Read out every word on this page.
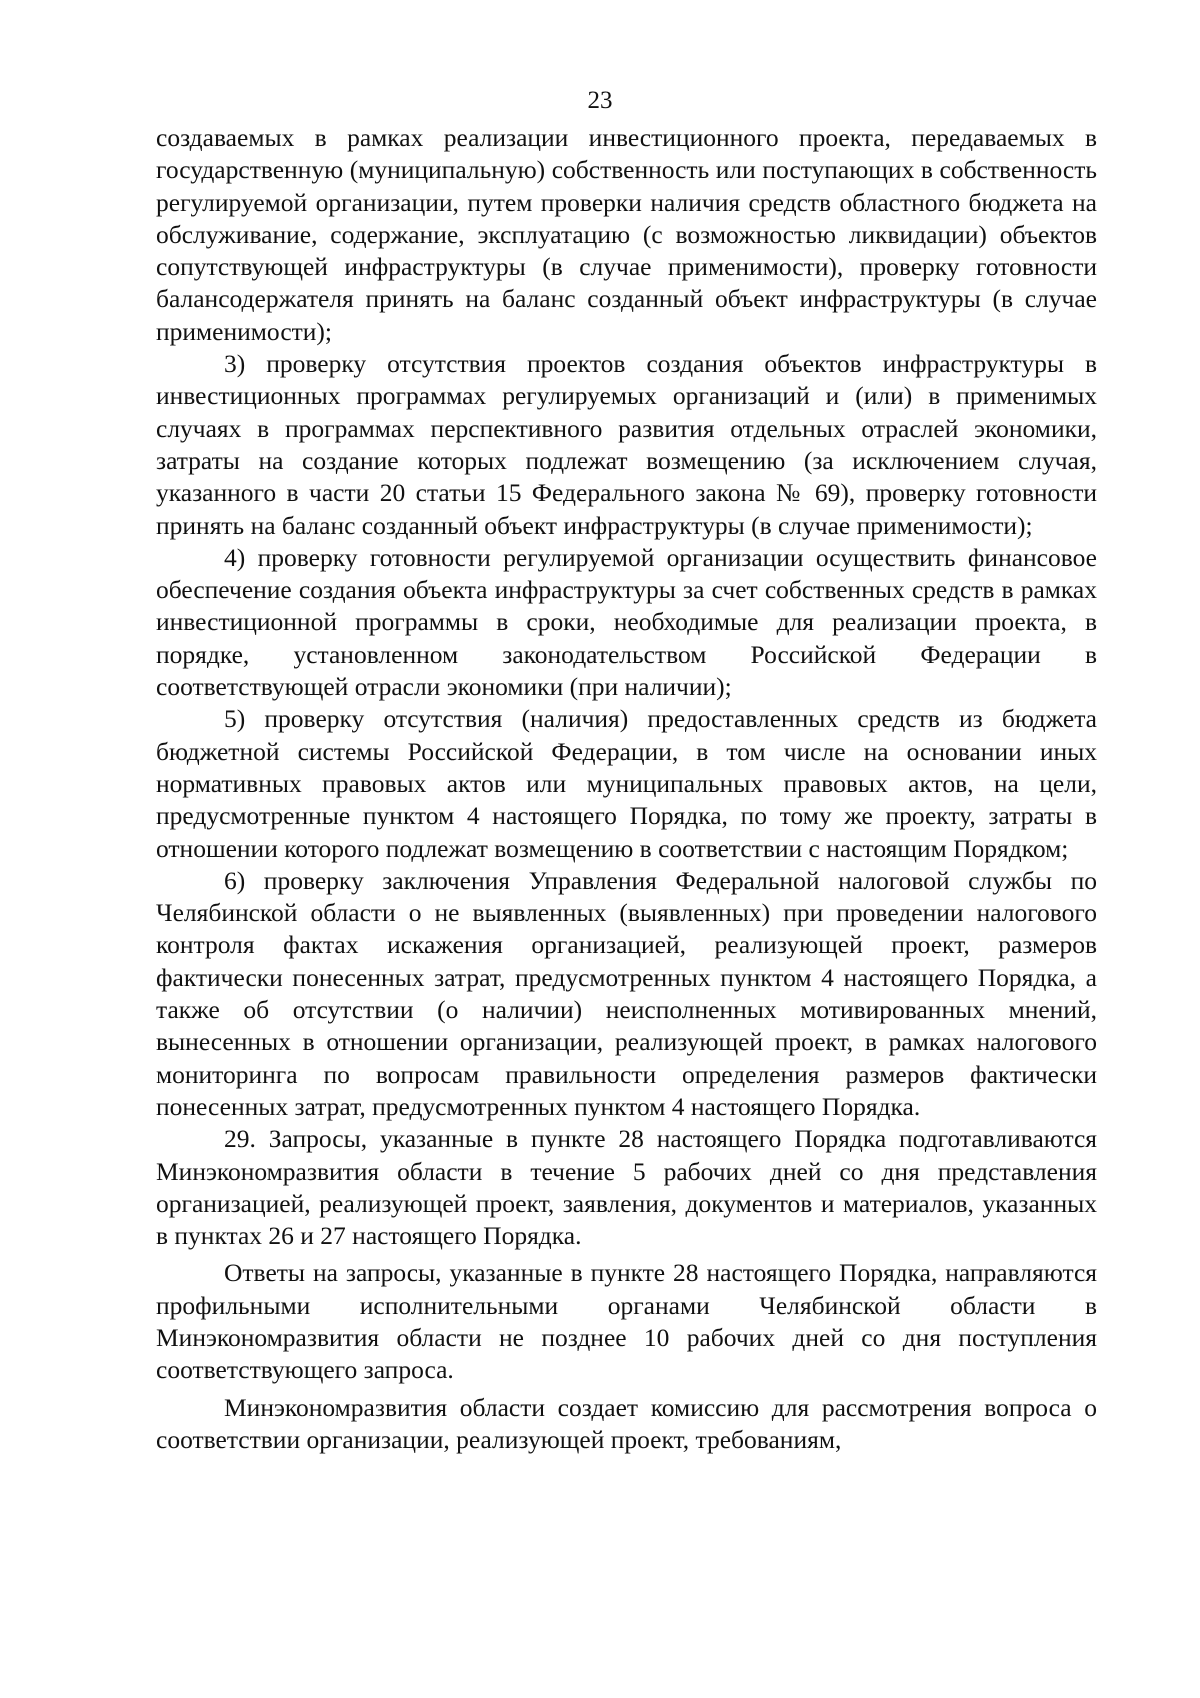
23

создаваемых в рамках реализации инвестиционного проекта, передаваемых в государственную (муниципальную) собственность или поступающих в собственность регулируемой организации, путем проверки наличия средств областного бюджета на обслуживание, содержание, эксплуатацию (с возможностью ликвидации) объектов сопутствующей инфраструктуры (в случае применимости), проверку готовности балансодержателя принять на баланс созданный объект инфраструктуры (в случае применимости);

3) проверку отсутствия проектов создания объектов инфраструктуры в инвестиционных программах регулируемых организаций и (или) в применимых случаях в программах перспективного развития отдельных отраслей экономики, затраты на создание которых подлежат возмещению (за исключением случая, указанного в части 20 статьи 15 Федерального закона № 69), проверку готовности принять на баланс созданный объект инфраструктуры (в случае применимости);

4) проверку готовности регулируемой организации осуществить финансовое обеспечение создания объекта инфраструктуры за счет собственных средств в рамках инвестиционной программы в сроки, необходимые для реализации проекта, в порядке, установленном законодательством Российской Федерации в соответствующей отрасли экономики (при наличии);

5) проверку отсутствия (наличия) предоставленных средств из бюджета бюджетной системы Российской Федерации, в том числе на основании иных нормативных правовых актов или муниципальных правовых актов, на цели, предусмотренные пунктом 4 настоящего Порядка, по тому же проекту, затраты в отношении которого подлежат возмещению в соответствии с настоящим Порядком;

6) проверку заключения Управления Федеральной налоговой службы по Челябинской области о не выявленных (выявленных) при проведении налогового контроля фактах искажения организацией, реализующей проект, размеров фактически понесенных затрат, предусмотренных пунктом 4 настоящего Порядка, а также об отсутствии (о наличии) неисполненных мотивированных мнений, вынесенных в отношении организации, реализующей проект, в рамках налогового мониторинга по вопросам правильности определения размеров фактически понесенных затрат, предусмотренных пунктом 4 настоящего Порядка.

29. Запросы, указанные в пункте 28 настоящего Порядка подготавливаются Минэкономразвития области в течение 5 рабочих дней со дня представления организацией, реализующей проект, заявления, документов и материалов, указанных в пунктах 26 и 27 настоящего Порядка.

Ответы на запросы, указанные в пункте 28 настоящего Порядка, направляются профильными исполнительными органами Челябинской области в Минэкономразвития области не позднее 10 рабочих дней со дня поступления соответствующего запроса.

Минэкономразвития области создает комиссию для рассмотрения вопроса о соответствии организации, реализующей проект, требованиям,
